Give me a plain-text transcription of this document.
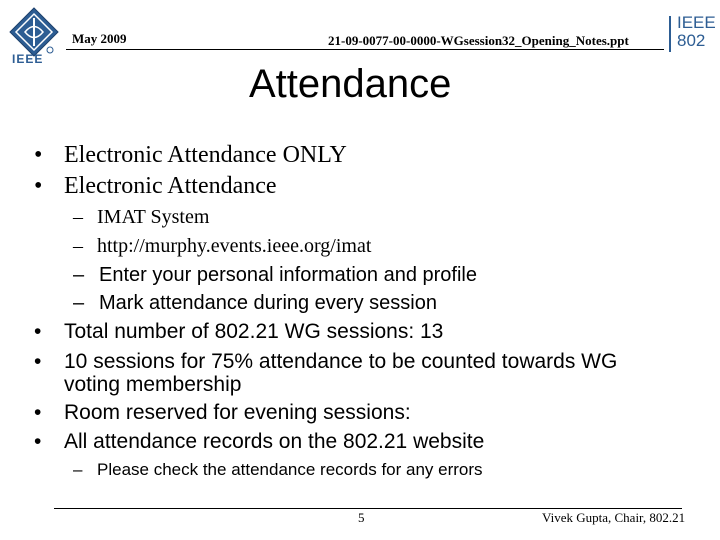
IEEE
May 2009	21-09-0077-00-0000-WGsession32_Opening_Notes.ppt
IEEE
802
Attendance
• Electronic Attendance ONLY
• Electronic Attendance
– IMAT System
– http://murphy.events.ieee.org/imat
– Enter your personal information and profile
– Mark attendance during every session
• Total number of 802.21 WG sessions: 13
• 10 sessions for 75% attendance to be counted towards WG
voting membership
• Room reserved for evening sessions:
• All attendance records on the 802.21 website
– Please check the attendance records for any errors
5	Vivek Gupta, Chair, 802.21
